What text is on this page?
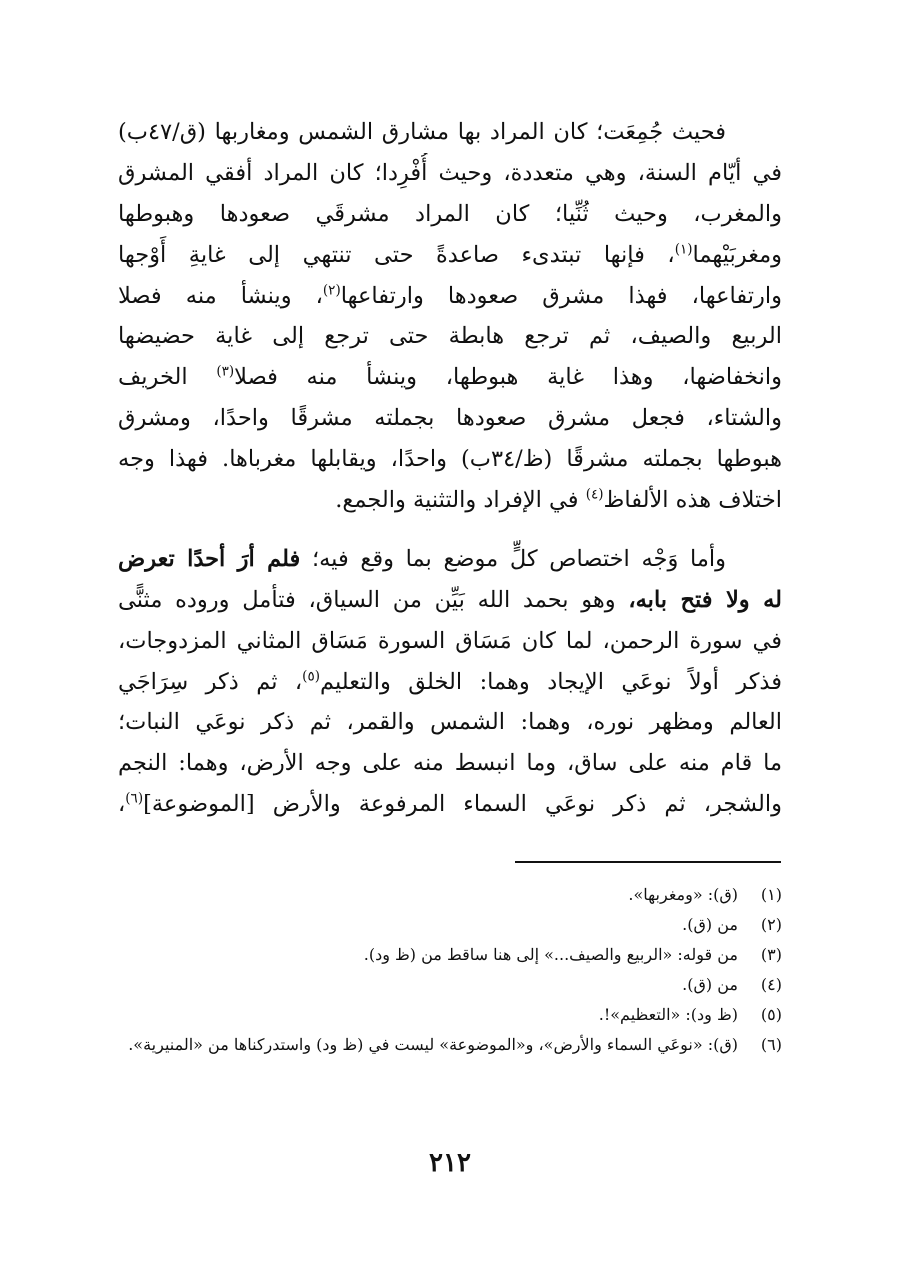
فحيث جُمِعَت؛ كان المراد بها مشارق الشمس ومغاربها (ق/٤٧ب)
في أيّام السنة، وهي متعددة، وحيث أُفْرِدا؛ كان المراد أفقي المشرق
والمغرب، وحيث ثُنِّيا؛ كان المراد مشرقَي صعودها وهبوطها
ومغربَيْهما$^{(١)}$، فإنها تبتدىء صاعدةً حتى تنتهي إلى غايةِ أَوْجها
وارتفاعها، فهذا مشرق صعودها وارتفاعها$^{(٢)}$، وينشأ منه فصلا
الربيع والصيف، ثم ترجع هابطة حتى ترجع إلى غاية حضيضها
وانخفاضها، وهذا غاية هبوطها، وينشأ منه فصلا$^{(٣)}$ الخريف
والشتاء، فجعل مشرق صعودها بجملته مشرقًا واحدًا، ومشرق
هبوطها بجملته مشرقًا (ظ/٣٤ب) واحدًا، ويقابلها مغرباها. فهذا وجه
اختلاف هذه الألفاظ$^{(٤)}$ في الإفراد والتثنية والجمع.
وأما وَجْه اختصاص كلٍّ موضع بما وقع فيه؛ فلم أرَ أحدًا تعرض
له ولا فتح بابه، وهو بحمد الله بَيِّن من السياق، فتأمل وروده مثنًّى
في سورة الرحمن، لما كان مَسَاق السورة مَسَاق المثاني المزدوجات،
فذكر أولاً نوعَي الإيجاد وهما: الخلق والتعليم$^{(٥)}$، ثم ذكر سِرَاجَي
العالم ومظهر نوره، وهما: الشمس والقمر، ثم ذكر نوعَي النبات؛
ما قام منه على ساق، وما انبسط منه على وجه الأرض، وهما: النجم
والشجر، ثم ذكر نوعَي السماء المرفوعة والأرض [الموضوعة]$^{(٦)}$،
(١)
(ق): «ومغربها».
(٢)
من (ق).
(٣)
من قوله: «الربيع والصيف...» إلى هنا ساقط من (ظ ود).
(٤)
من (ق).
(٥)
(ظ ود): «التعظيم»!.
(٦)
(ق): «نوعَي السماء والأرض»، و«الموضوعة» ليست في (ظ ود) واستدركناها من «المنيرية».
٢١٢
